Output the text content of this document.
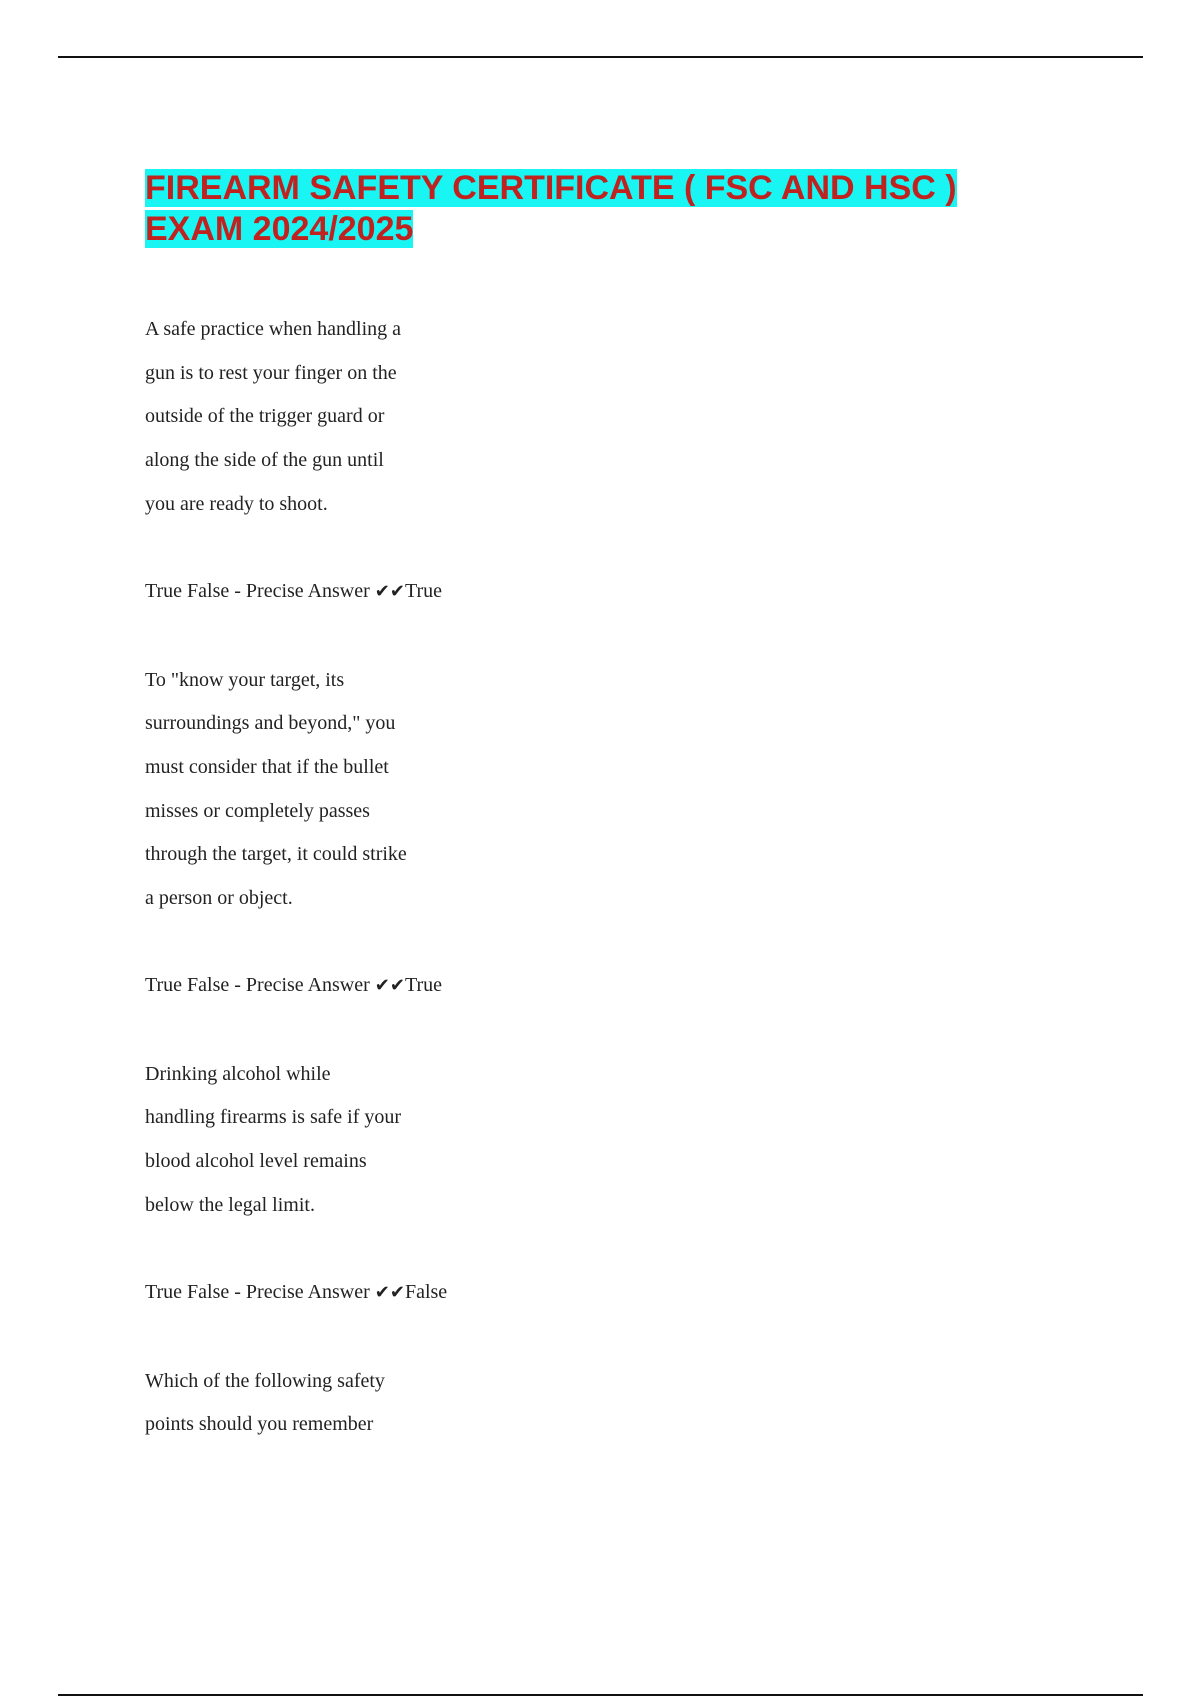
FIREARM SAFETY CERTIFICATE ( FSC AND HSC ) EXAM 2024/2025

A safe practice when handling a
gun is to rest your finger on the
outside of the trigger guard or
along the side of the gun until
you are ready to shoot.

True False - Precise Answer ✔✔True

To "know your target, its
surroundings and beyond," you
must consider that if the bullet
misses or completely passes
through the target, it could strike
a person or object.

True False - Precise Answer ✔✔True

Drinking alcohol while
handling firearms is safe if your
blood alcohol level remains
below the legal limit.

True False - Precise Answer ✔✔False

Which of the following safety
points should you remember
